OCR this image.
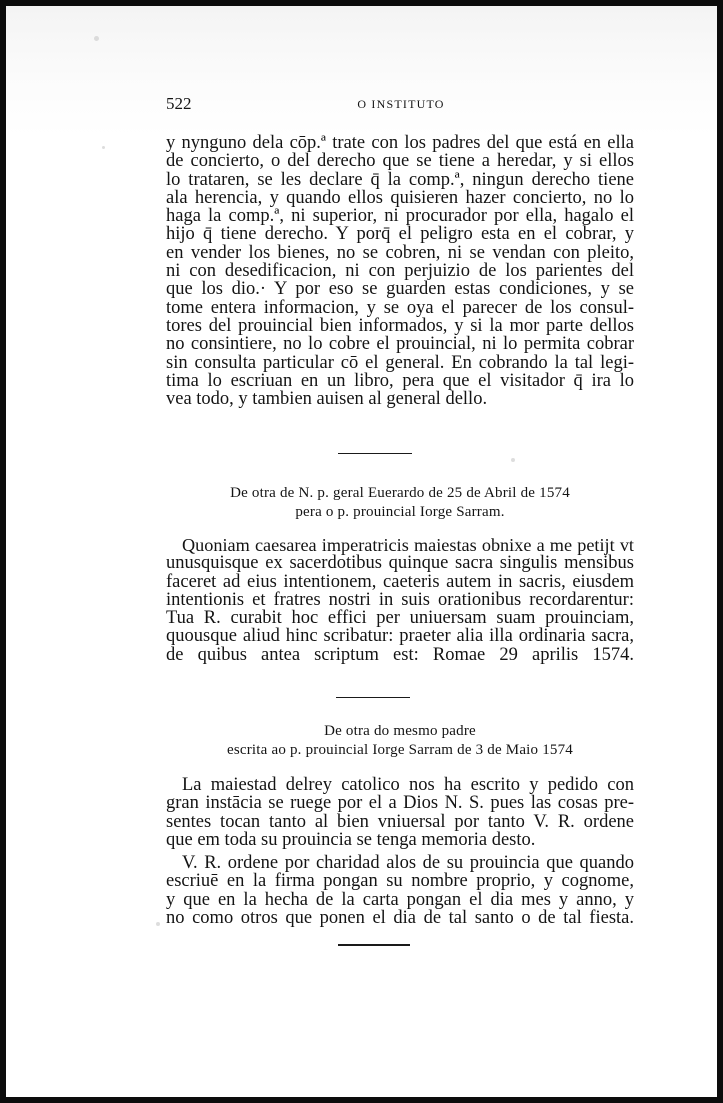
522	O INSTITUTO
y nynguno dela cōp.ª trate con los padres del que está en ella
de concierto, o del derecho que se tiene a heredar, y si ellos
lo trataren, se les declare q̄ la comp.ª, ningun derecho tiene
ala herencia, y quando ellos quisieren hazer concierto, no lo
haga la comp.ª, ni superior, ni procurador por ella, hagalo el
hijo q̄ tiene derecho. Y porq̄ el peligro esta en el cobrar, y
en vender los bienes, no se cobren, ni se vendan con pleito,
ni con desedificacion, ni con perjuizio de los parientes del
que los dio.· Y por eso se guarden estas condiciones, y se
tome entera informacion, y se oya el parecer de los consul-
tores del prouincial bien informados, y si la mor parte dellos
no consintiere, no lo cobre el prouincial, ni lo permita cobrar
sin consulta particular cō el general. En cobrando la tal legi-
tima lo escriuan en un libro, pera que el visitador q̄ ira lo
vea todo, y tambien auisen al general dello.
De otra de N. p. geral Euerardo de 25 de Abril de 1574
pera o p. prouincial Iorge Sarram.
Quoniam caesarea imperatricis maiestas obnixe a me petijt vt
unusquisque ex sacerdotibus quinque sacra singulis mensibus
faceret ad eius intentionem, caeteris autem in sacris, eiusdem
intentionis et fratres nostri in suis orationibus recordarentur:
Tua R. curabit hoc effici per uniuersam suam prouinciam,
quousque aliud hinc scribatur: praeter alia illa ordinaria sacra,
de quibus antea scriptum est: Romae 29 aprilis 1574.
De otra do mesmo padre
escrita ao p. prouincial Iorge Sarram de 3 de Maio 1574
La maiestad delrey catolico nos ha escrito y pedido con
gran instācia se ruege por el a Dios N. S. pues las cosas pre-
sentes tocan tanto al bien vniuersal por tanto V. R. ordene
que em toda su prouincia se tenga memoria desto.
V. R. ordene por charidad alos de su prouincia que quando
escriuē en la firma pongan su nombre proprio, y cognome,
y que en la hecha de la carta pongan el dia mes y anno, y
no como otros que ponen el dia de tal santo o de tal fiesta.
